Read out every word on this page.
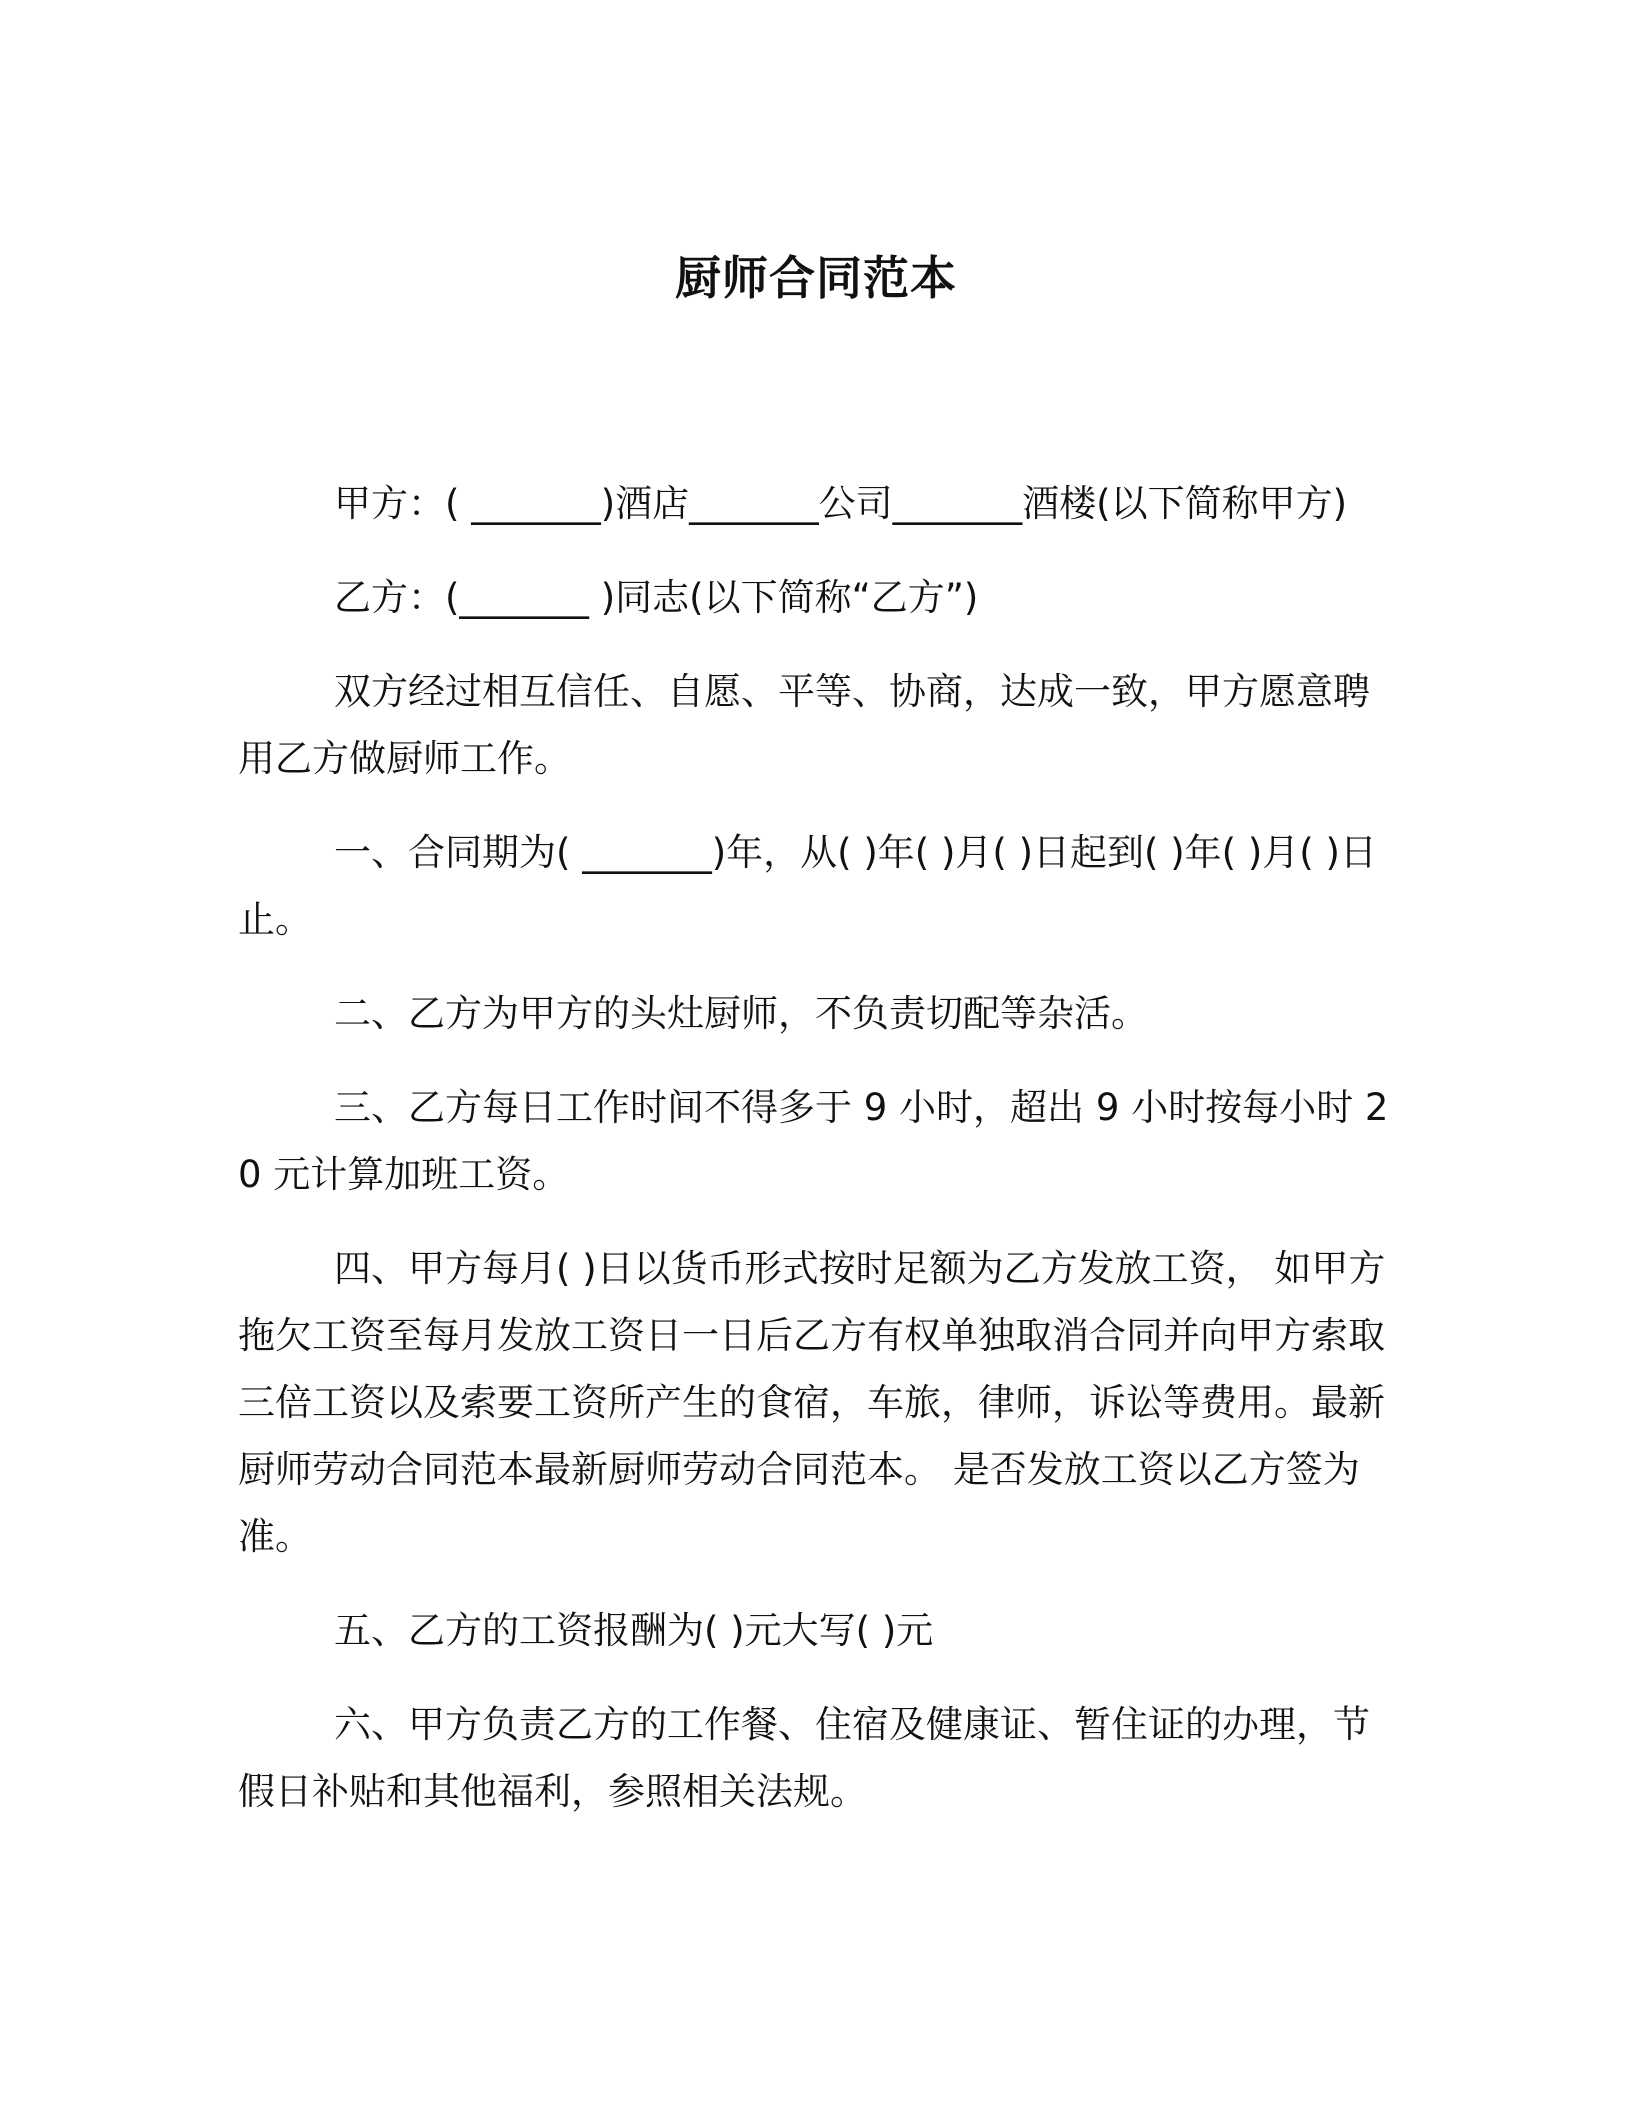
厨师合同范本

甲方：( _______)酒店_______公司_______酒楼(以下简称甲方)

乙方：(_______ )同志(以下简称“乙方”)

双方经过相互信任、自愿、平等、协商，达成一致，甲方愿意聘用乙方做厨师工作。

一、合同期为( _______)年，从( )年( )月( )日起到( )年( )月( )日止。

二、乙方为甲方的头灶厨师，不负责切配等杂活。

三、乙方每日工作时间不得多于 9 小时，超出 9 小时按每小时 20 元计算加班工资。

四、甲方每月( )日以货币形式按时足额为乙方发放工资， 如甲方拖欠工资至每月发放工资日一日后乙方有权单独取消合同并向甲方索取三倍工资以及索要工资所产生的食宿，车旅，律师，诉讼等费用。最新厨师劳动合同范本最新厨师劳动合同范本。 是否发放工资以乙方签为准。

五、乙方的工资报酬为( )元大写( )元

六、甲方负责乙方的工作餐、住宿及健康证、暂住证的办理，节假日补贴和其他福利，参照相关法规。
